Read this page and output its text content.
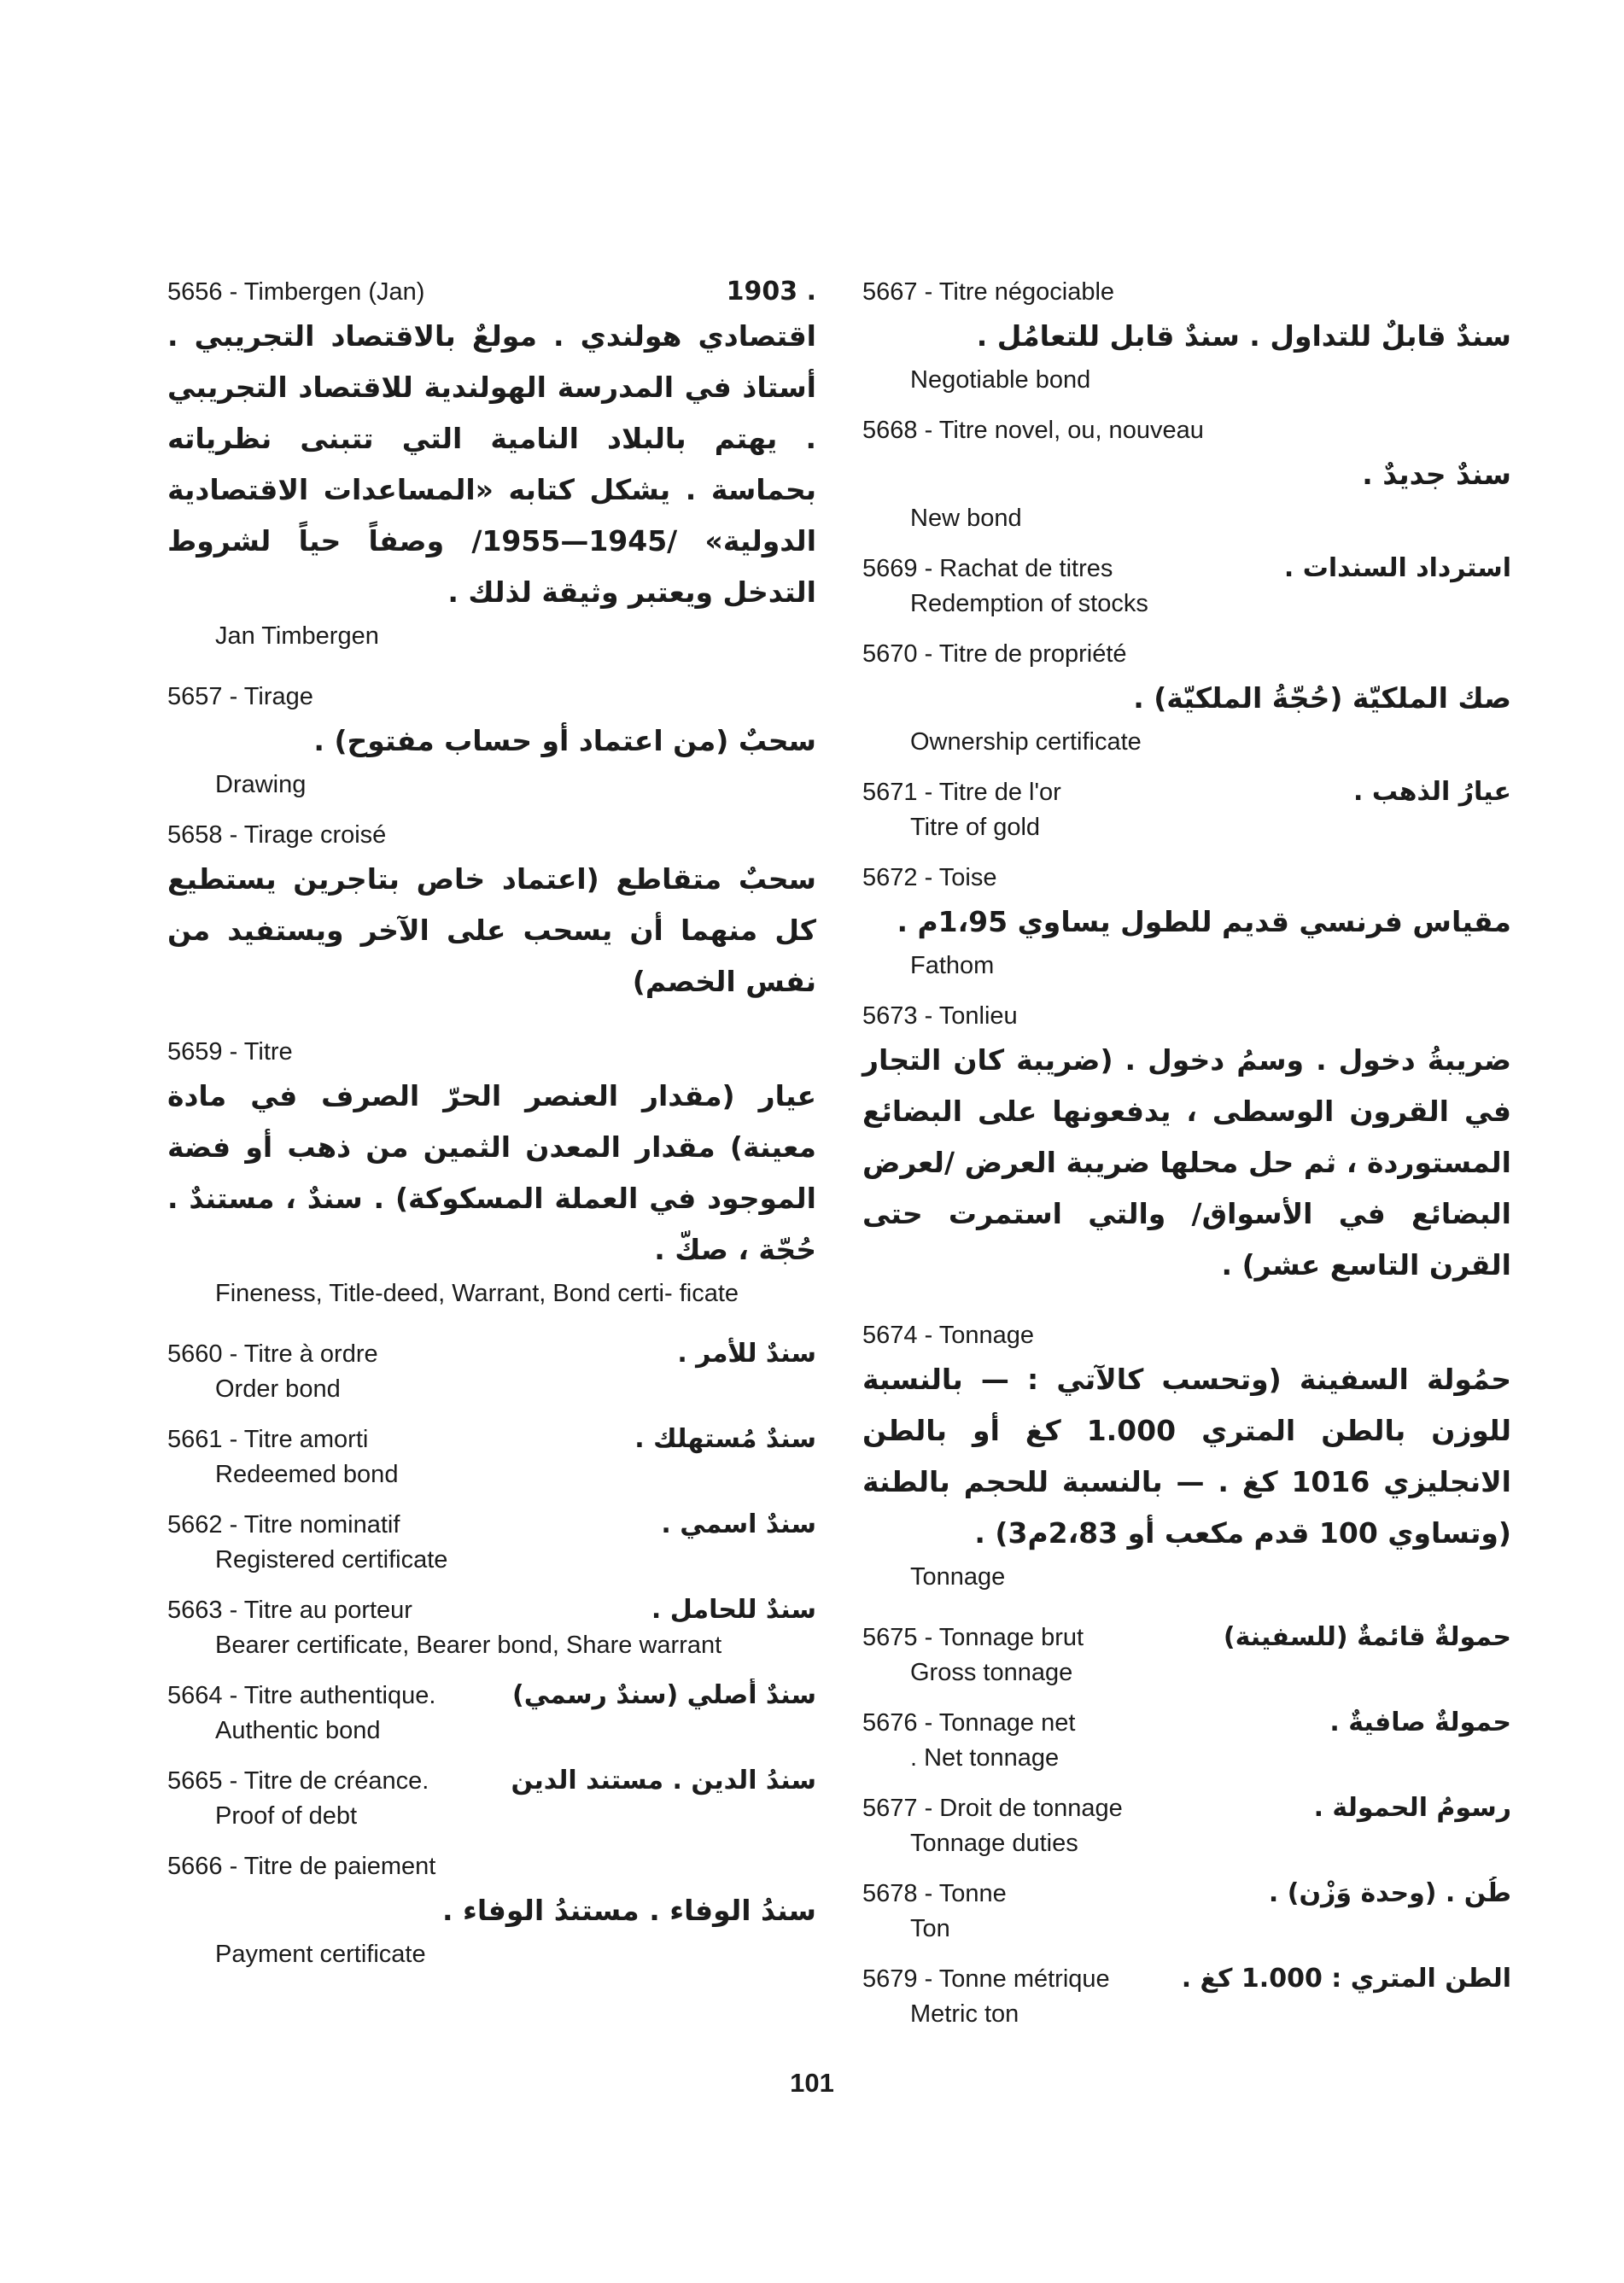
5656 - Timbergen (Jan)	. 1903
اقتصادي هولندي . مولعٌ بالاقتصاد التجريبي . أستاذ في المدرسة الهولندية للاقتصاد التجريبي . يهتم بالبلاد النامية التي تتبنى نظرياته بحماسة . يشكل كتابه «المساعدات الاقتصادية الدولية» /1945—1955/ وصفاً حياً لشروط التدخل ويعتبر وثيقة لذلك .
Jan Timbergen
5657 - Tirage
سحبٌ (من اعتماد أو حساب مفتوح) .
Drawing
5658 - Tirage croisé
سحبٌ متقاطع (اعتماد خاص بتاجرين يستطيع كل منهما أن يسحب على الآخر ويستفيد من نفس الخصم)
5659 - Titre
عيار (مقدار العنصر الحرّ الصرف في مادة معينة) مقدار المعدن الثمين من ذهب أو فضة الموجود في العملة المسكوكة) . سندٌ ، مستندٌ . حُجّة ، صكّ .
Fineness, Title-deed, Warrant, Bond certi- ficate
5660 - Titre à ordre	سندٌ للأمر .
Order bond
5661 - Titre amorti	سندٌ مُستهلك .
Redeemed bond
5662 - Titre nominatif	سندٌ اسمي .
Registered certificate
5663 - Titre au porteur	سندٌ للحامل .
Bearer certificate, Bearer bond, Share warrant
5664 - Titre authentique.	سندٌ أصلي (سندٌ رسمي)
Authentic bond
5665 - Titre de créance.	سندُ الدين . مستند الدين
Proof of debt
5666 - Titre de paiement
سندُ الوفاء . مستندُ الوفاء .
Payment certificate
5667 - Titre négociable
سندٌ قابلٌ للتداول . سندٌ قابل للتعامُل .
Negotiable bond
5668 - Titre novel, ou, nouveau
سندٌ جديدٌ .
New bond
5669 - Rachat de titres	استرداد السندات .
Redemption of stocks
5670 - Titre de propriété
صك الملكيّة (حُجّةُ الملكيّة) .
Ownership certificate
5671 - Titre de l'or	عيارُ الذهب .
Titre of gold
5672 - Toise
مقياس فرنسي قديم للطول يساوي 1،95م .
Fathom
5673 - Tonlieu
ضريبةُ دخول . وسمُ دخول . (ضريبة كان التجار في القرون الوسطى ، يدفعونها على البضائع المستوردة ، ثم حل محلها ضريبة العرض /لعرض البضائع في الأسواق/ والتي استمرت حتى القرن التاسع عشر) .
5674 - Tonnage
حمُولة السفينة (وتحسب كالآتي : — بالنسبة للوزن بالطن المتري 1.000 كغ أو بالطن الانجليزي 1016 كغ . — بالنسبة للحجم بالطنة (وتساوي 100 قدم مكعب أو 2،83م3) .
Tonnage
5675 - Tonnage brut	حمولةٌ قائمةٌ (للسفينة)
Gross tonnage
5676 - Tonnage net	حمولةٌ صافيةٌ .
. Net tonnage
5677 - Droit de tonnage	رسومُ الحمولة .
Tonnage duties
5678 - Tonne	طُن . (وحدة وَزْن) .
Ton
5679 - Tonne métrique	الطن المتري : 1.000 كغ .
Metric ton
101
